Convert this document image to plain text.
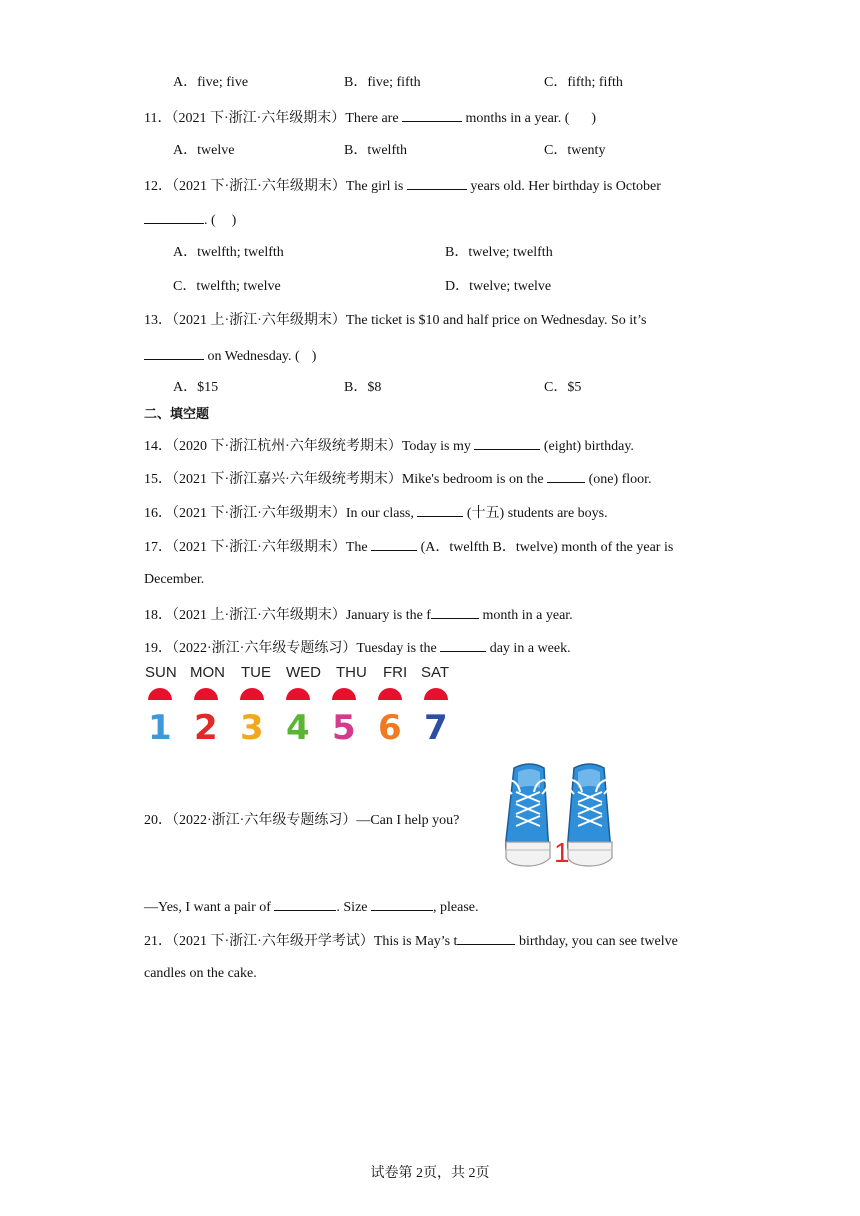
A．five; five	B．five; fifth	C．fifth; fifth
11．（2021 下·浙江·六年级期末）There are	months in a year. ( )
A．twelve	B．twelfth	C．twenty
12．（2021 下·浙江·六年级期末）The girl is	years old. Her birthday is October
. ( )
A．twelfth; twelfth	B．twelve; twelfth
C．twelfth; twelve	D．twelve; twelve
13．（2021 上·浙江·六年级期末）The ticket is $10 and half price on Wednesday. So it’s
on Wednesday. ( )
A．$15	B．$8	C．$5
二、填空题
14．（2020 下·浙江杭州·六年级统考期末）Today is my	(eight) birthday.
15．（2021 下·浙江嘉兴·六年级统考期末）Mike's bedroom is on the	(one) floor.
16．（2021 下·浙江·六年级期末）In our class,	(十五) students are boys.
17．（2021 下·浙江·六年级期末）The	(A．twelfth B．twelve) month of the year is
December.
18．（2021 上·浙江·六年级期末）January is the f	month in a year.
19．（2022·浙江·六年级专题练习）Tuesday is the	day in a week.
SUN MON TUE WED THU FRI SAT
1 2 3 4 5 6 7
20．（2022·浙江·六年级专题练习）—Can I help you?
1
—Yes, I want a pair of	. Size	, please.
21．（2021 下·浙江·六年级开学考试）This is May’s t	birthday, you can see twelve
candles on the cake.
试卷第 2页，共 2页
